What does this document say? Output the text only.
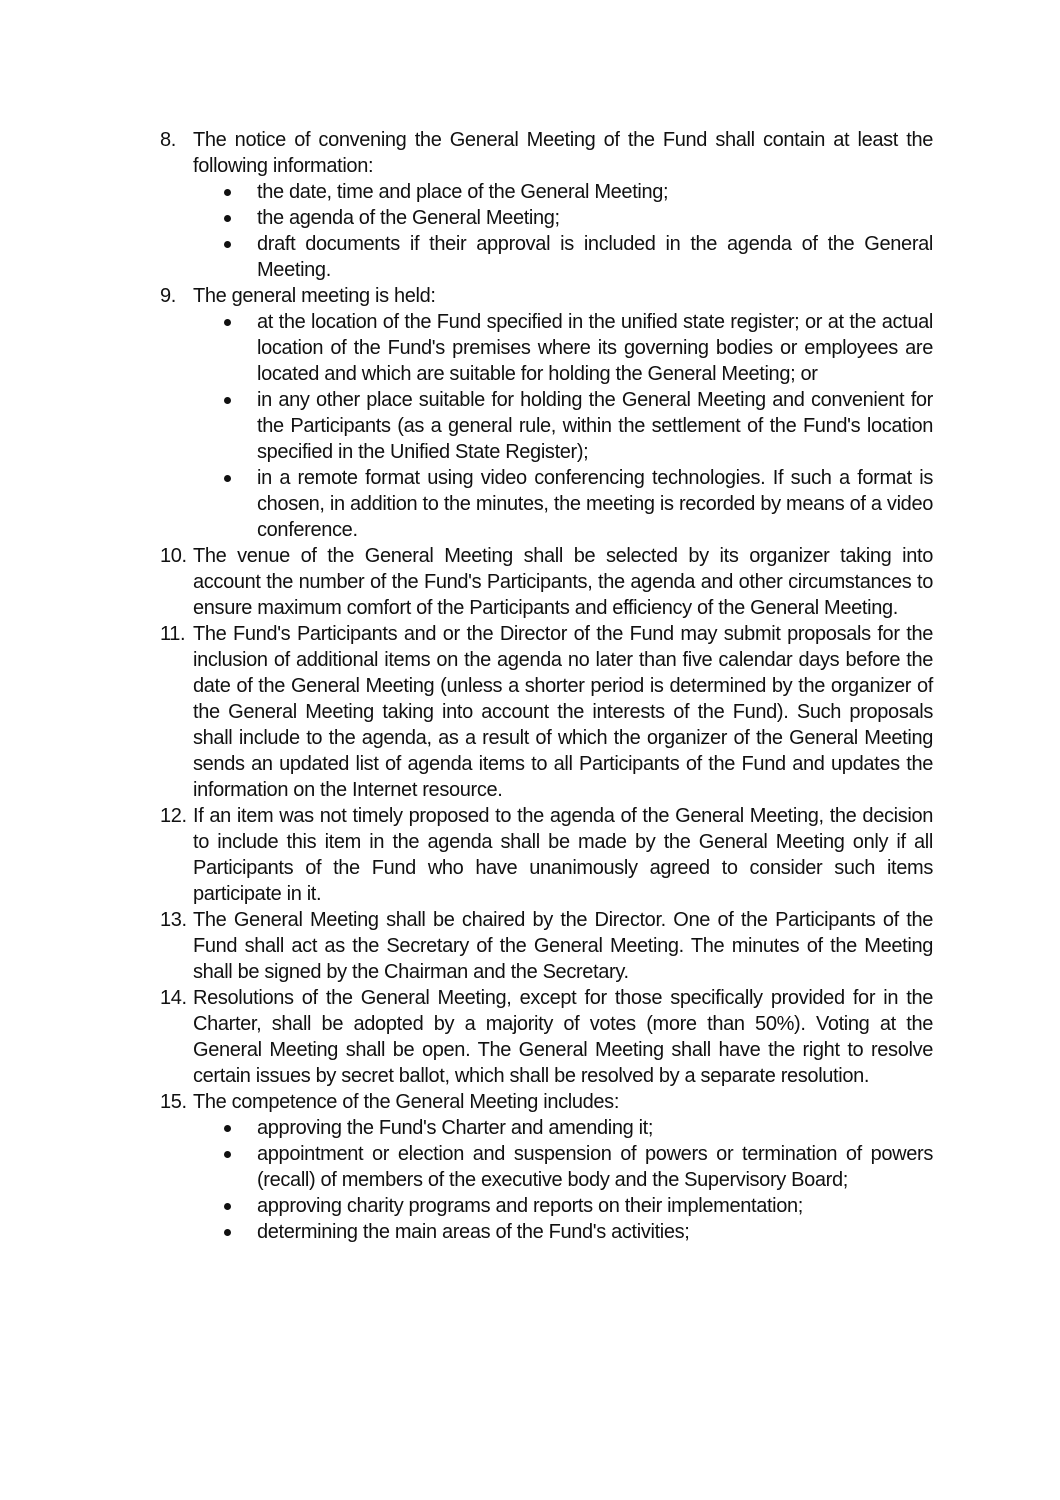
8. The notice of convening the General Meeting of the Fund shall contain at least the following information:
the date, time and place of the General Meeting;
the agenda of the General Meeting;
draft documents if their approval is included in the agenda of the General Meeting.
9. The general meeting is held:
at the location of the Fund specified in the unified state register; or at the actual location of the Fund's premises where its governing bodies or employees are located and which are suitable for holding the General Meeting; or
in any other place suitable for holding the General Meeting and convenient for the Participants (as a general rule, within the settlement of the Fund's location specified in the Unified State Register);
in a remote format using video conferencing technologies. If such a format is chosen, in addition to the minutes, the meeting is recorded by means of a video conference.
10. The venue of the General Meeting shall be selected by its organizer taking into account the number of the Fund's Participants, the agenda and other circumstances to ensure maximum comfort of the Participants and efficiency of the General Meeting.
11. The Fund's Participants and or the Director of the Fund may submit proposals for the inclusion of additional items on the agenda no later than five calendar days before the date of the General Meeting (unless a shorter period is determined by the organizer of the General Meeting taking into account the interests of the Fund). Such proposals shall include to the agenda, as a result of which the organizer of the General Meeting sends an updated list of agenda items to all Participants of the Fund and updates the information on the Internet resource.
12. If an item was not timely proposed to the agenda of the General Meeting, the decision to include this item in the agenda shall be made by the General Meeting only if all Participants of the Fund who have unanimously agreed to consider such items participate in it.
13. The General Meeting shall be chaired by the Director. One of the Participants of the Fund shall act as the Secretary of the General Meeting. The minutes of the Meeting shall be signed by the Chairman and the Secretary.
14. Resolutions of the General Meeting, except for those specifically provided for in the Charter, shall be adopted by a majority of votes (more than 50%). Voting at the General Meeting shall be open. The General Meeting shall have the right to resolve certain issues by secret ballot, which shall be resolved by a separate resolution.
15. The competence of the General Meeting includes:
approving the Fund's Charter and amending it;
appointment or election and suspension of powers or termination of powers (recall) of members of the executive body and the Supervisory Board;
approving charity programs and reports on their implementation;
determining the main areas of the Fund's activities;
